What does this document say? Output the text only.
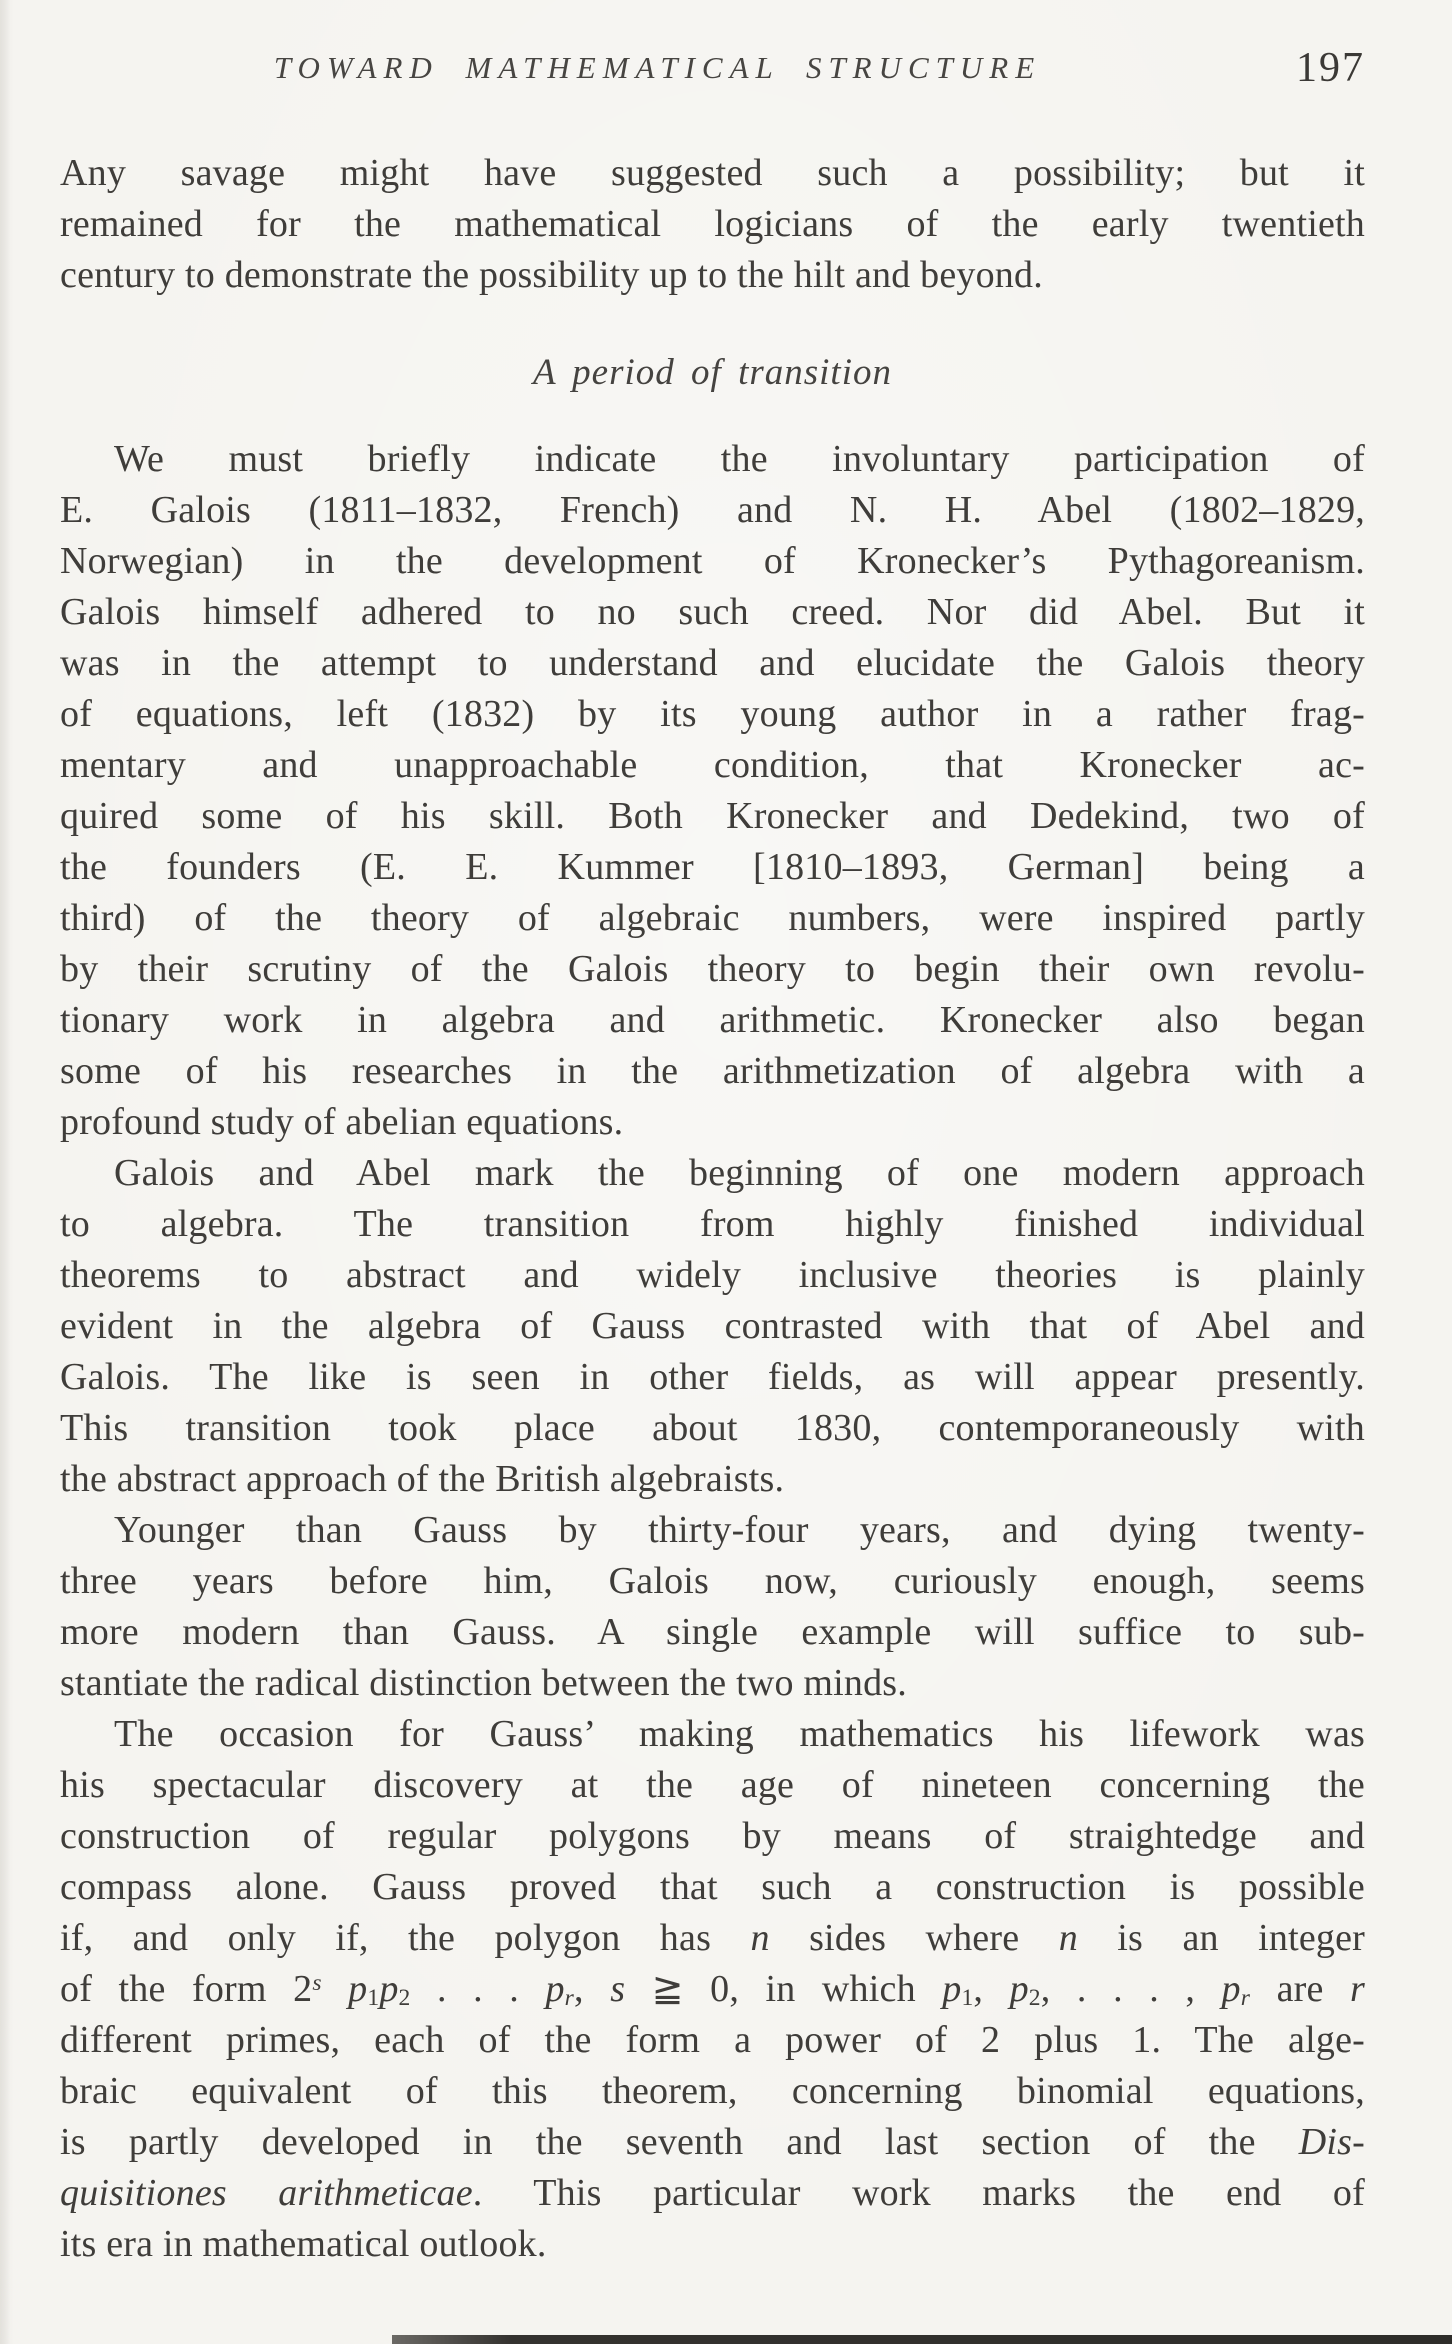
TOWARD MATHEMATICAL STRUCTURE	197
Any savage might have suggested such a possibility; but it
remained for the mathematical logicians of the early twentieth
century to demonstrate the possibility up to the hilt and beyond.
A period of transition
We must briefly indicate the involuntary participation of
E. Galois (1811–1832, French) and N. H. Abel (1802–1829,
Norwegian) in the development of Kronecker’s Pythagoreanism.
Galois himself adhered to no such creed. Nor did Abel. But it
was in the attempt to understand and elucidate the Galois theory
of equations, left (1832) by its young author in a rather frag-
mentary and unapproachable condition, that Kronecker ac-
quired some of his skill. Both Kronecker and Dedekind, two of
the founders (E. E. Kummer [1810–1893, German] being a
third) of the theory of algebraic numbers, were inspired partly
by their scrutiny of the Galois theory to begin their own revolu-
tionary work in algebra and arithmetic. Kronecker also began
some of his researches in the arithmetization of algebra with a
profound study of abelian equations.
Galois and Abel mark the beginning of one modern approach
to algebra. The transition from highly finished individual
theorems to abstract and widely inclusive theories is plainly
evident in the algebra of Gauss contrasted with that of Abel and
Galois. The like is seen in other fields, as will appear presently.
This transition took place about 1830, contemporaneously with
the abstract approach of the British algebraists.
Younger than Gauss by thirty-four years, and dying twenty-
three years before him, Galois now, curiously enough, seems
more modern than Gauss. A single example will suffice to sub-
stantiate the radical distinction between the two minds.
The occasion for Gauss’ making mathematics his lifework was
his spectacular discovery at the age of nineteen concerning the
construction of regular polygons by means of straightedge and
compass alone. Gauss proved that such a construction is possible
if, and only if, the polygon has n sides where n is an integer
of the form 2$^s$ $p_1p_2$ . . . $p_r$, s ≧ 0, in which $p_1$, $p_2$, . . . , $p_r$ are r
different primes, each of the form a power of 2 plus 1. The alge-
braic equivalent of this theorem, concerning binomial equations,
is partly developed in the seventh and last section of the Dis-
quisitiones arithmeticae. This particular work marks the end of
its era in mathematical outlook.
